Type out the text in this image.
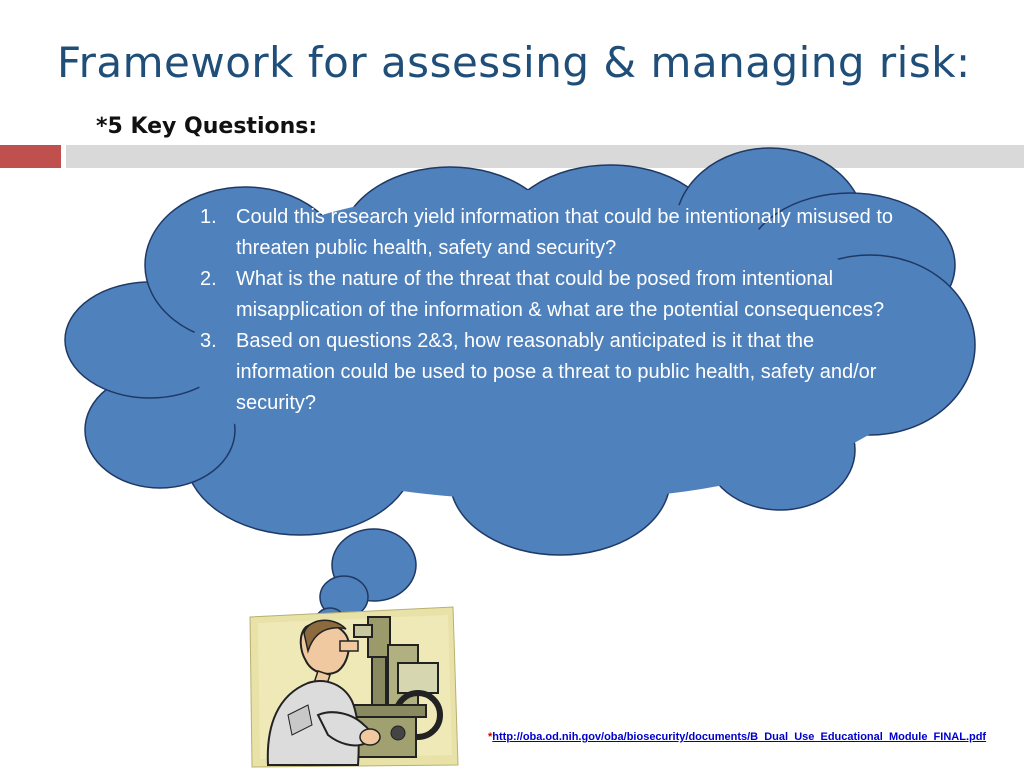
Framework for assessing & managing risk:
*5 Key Questions:
1. Could this research yield information that could be intentionally misused to threaten public health, safety and security?
2. What is the nature of the threat that could be posed from intentional misapplication of the information & what are the potential consequences?
3. Based on questions 2&3, how reasonably anticipated is it that the information could be used to pose a threat to public health, safety and/or security?
*http://oba.od.nih.gov/oba/biosecurity/documents/B_Dual_Use_Educational_Module_FINAL.pdf
